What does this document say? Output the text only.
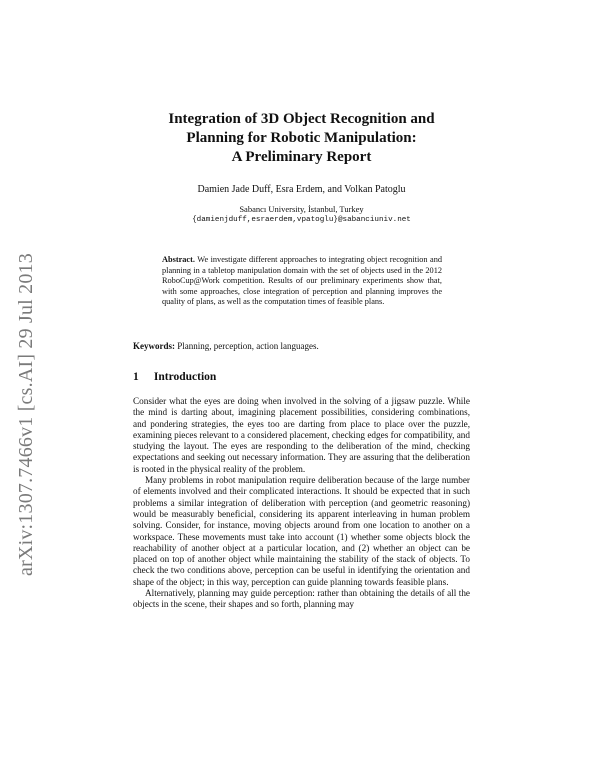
arXiv:1307.7466v1 [cs.AI] 29 Jul 2013
Integration of 3D Object Recognition and
Planning for Robotic Manipulation:
A Preliminary Report
Damien Jade Duff, Esra Erdem, and Volkan Patoglu
Sabancı University, İstanbul, Turkey
{damienjduff,esraerdem,vpatoglu}@sabanciuniv.net
Abstract. We investigate different approaches to integrating object recognition and planning in a tabletop manipulation domain with the set of objects used in the 2012 RoboCup@Work competition. Results of our preliminary experiments show that, with some approaches, close integration of perception and planning improves the quality of plans, as well as the computation times of feasible plans.
Keywords: Planning, perception, action languages.
1 Introduction

Consider what the eyes are doing when involved in the solving of a jigsaw puzzle. While the mind is darting about, imagining placement possibilities, considering combinations, and pondering strategies, the eyes too are darting from place to place over the puzzle, examining pieces relevant to a considered placement, checking edges for compatibility, and studying the layout. The eyes are responding to the deliberation of the mind, checking expectations and seeking out necessary information. They are assuring that the deliberation is rooted in the physical reality of the problem.

Many problems in robot manipulation require deliberation because of the large number of elements involved and their complicated interactions. It should be expected that in such problems a similar integration of deliberation with perception (and geometric reasoning) would be measurably beneficial, considering its apparent interleaving in human problem solving. Consider, for instance, moving objects around from one location to another on a workspace. These movements must take into account (1) whether some objects block the reachability of another object at a particular location, and (2) whether an object can be placed on top of another object while maintaining the stability of the stack of objects. To check the two conditions above, perception can be useful in identifying the orientation and shape of the object; in this way, perception can guide planning towards feasible plans.

Alternatively, planning may guide perception: rather than obtaining the details of all the objects in the scene, their shapes and so forth, planning may
